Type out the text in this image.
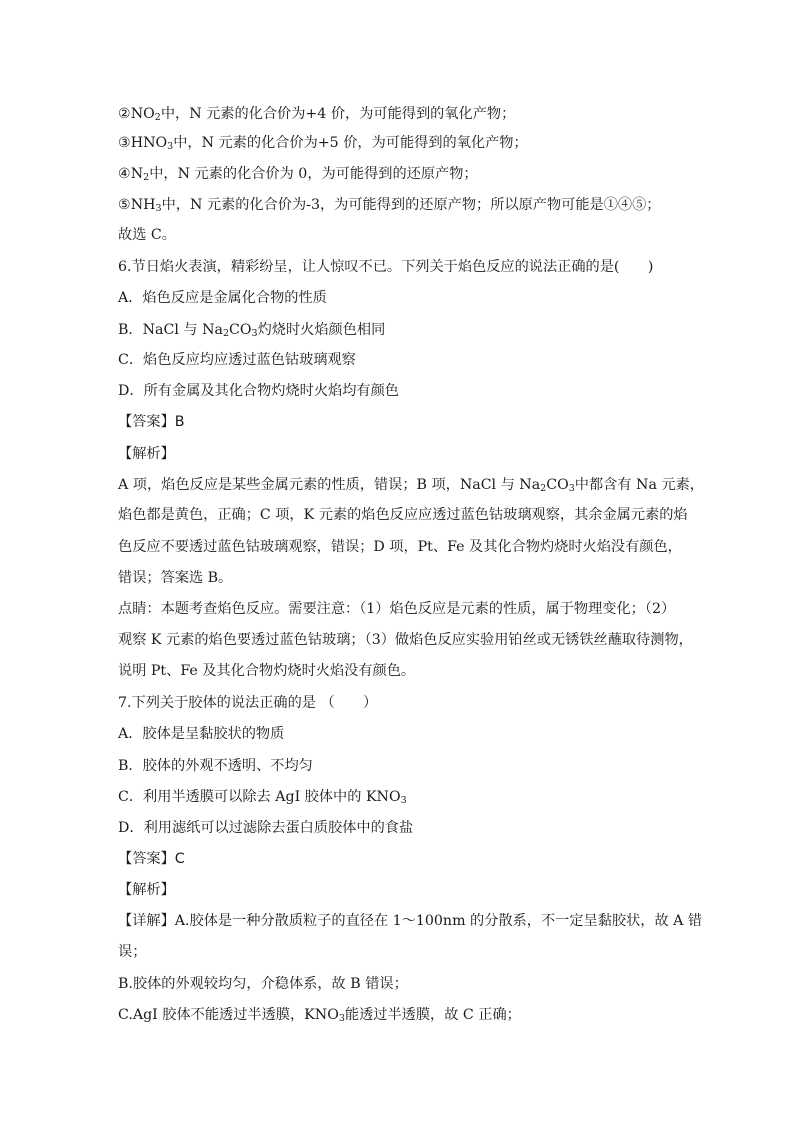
$②NO_2$中，N 元素的化合价为+4 价，为可能得到的氧化产物；
$③HNO_3$中，N 元素的化合价为+5 价，为可能得到的氧化产物；
$④N_2$中，N 元素的化合价为 0，为可能得到的还原产物；
$⑤NH_3$中，N 元素的化合价为-3，为可能得到的还原产物；所以原产物可能是①④⑤；
故选 C。
6.节日焰火表演，精彩纷呈，让人惊叹不已。下列关于焰色反应的说法正确的是(　　)
A．焰色反应是金属化合物的性质
B．NaCl 与 $Na_2CO_3$灼烧时火焰颜色相同
C．焰色反应均应透过蓝色钴玻璃观察
D．所有金属及其化合物灼烧时火焰均有颜色
【答案】B
【解析】
A 项，焰色反应是某些金属元素的性质，错误；B 项，NaCl 与 $Na_2CO_3$中都含有 Na 元素，
焰色都是黄色，正确；C 项，K 元素的焰色反应应透过蓝色钴玻璃观察，其余金属元素的焰
色反应不要透过蓝色钴玻璃观察，错误；D 项，Pt、Fe 及其化合物灼烧时火焰没有颜色，
错误；答案选 B。
点睛：本题考查焰色反应。需要注意：（1）焰色反应是元素的性质，属于物理变化；（2）
观察 K 元素的焰色要透过蓝色钴玻璃；（3）做焰色反应实验用铂丝或无锈铁丝蘸取待测物，
说明 Pt、Fe 及其化合物灼烧时火焰没有颜色。
7.下列关于胶体的说法正确的是 （　　）
A．胶体是呈黏胶状的物质
B．胶体的外观不透明、不均匀
C．利用半透膜可以除去 AgI 胶体中的 $KNO_3$
D．利用滤纸可以过滤除去蛋白质胶体中的食盐
【答案】C
【解析】
【详解】A.胶体是一种分散质粒子的直径在 1～100nm 的分散系，不一定呈黏胶状，故 A 错
误；
B.胶体的外观较均匀，介稳体系，故 B 错误；
C.AgI 胶体不能透过半透膜，$KNO_3$能透过半透膜，故 C 正确；
